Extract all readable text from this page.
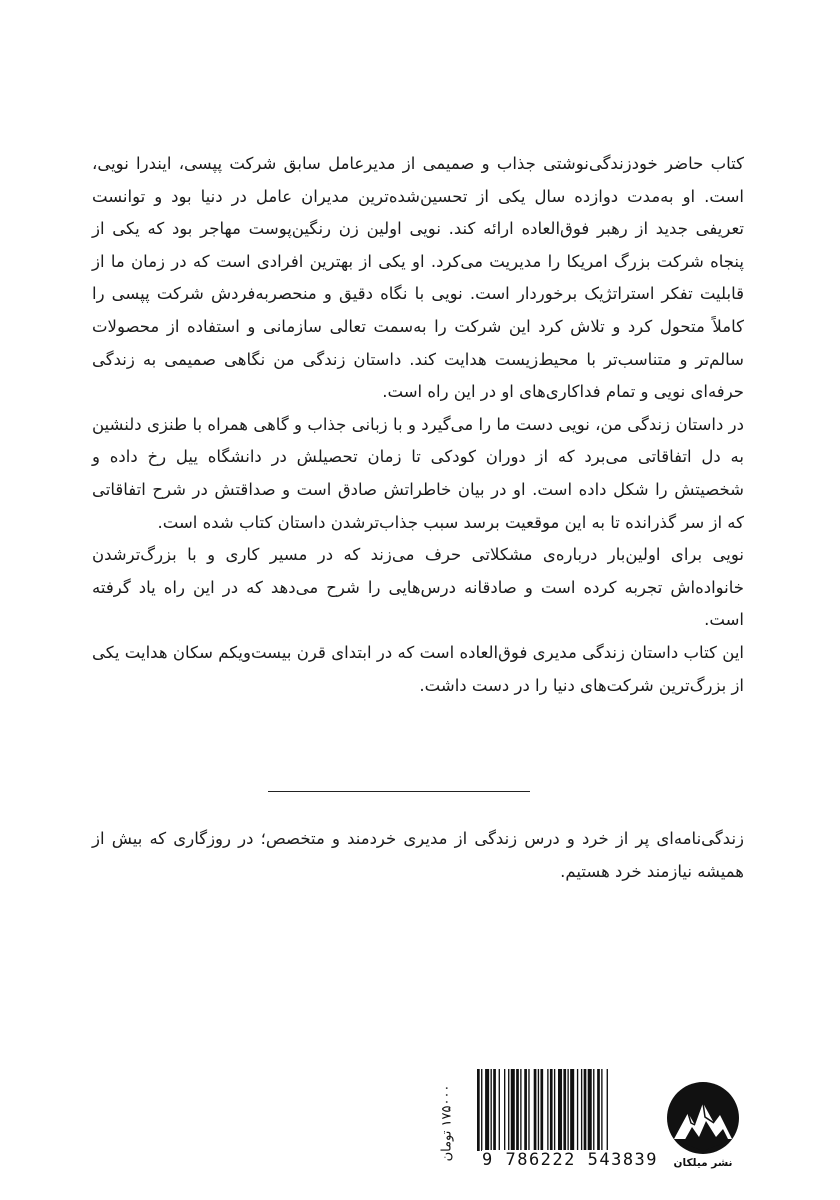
کتاب حاضر خودزندگی‌نوشتی جذاب و صمیمی از مدیرعامل سابق شرکت پپسی، ایندرا نویی، است. او به‌مدت دوازده سال یکی از تحسین‌شده‌ترین مدیران عامل در دنیا بود و توانست تعریفی جدید از رهبر فوق‌العاده ارائه کند. نویی اولین زن رنگین‌پوست مهاجر بود که یکی از پنجاه شرکت بزرگ امریکا را مدیریت می‌کرد. او یکی از بهترین افرادی است که در زمان ما از قابلیت تفکر استراتژیک برخوردار است. نویی با نگاه دقیق و منحصربه‌فردش شرکت پپسی را کاملاً متحول کرد و تلاش کرد این شرکت را به‌سمت تعالی سازمانی و استفاده از محصولات سالم‌تر و متناسب‌تر با محیط‌زیست هدایت کند. داستان زندگی من نگاهی صمیمی به زندگی حرفه‌ای نویی و تمام فداکاری‌های او در این راه است.

در داستان زندگی من، نویی دست ما را می‌گیرد و با زبانی جذاب و گاهی همراه با طنزی دلنشین به دل اتفاقاتی می‌برد که از دوران کودکی تا زمان تحصیلش در دانشگاه ییل رخ داده و شخصیتش را شکل داده است. او در بیان خاطراتش صادق است و صداقتش در شرح اتفاقاتی که از سر گذرانده تا به این موقعیت برسد سبب جذاب‌ترشدن داستان کتاب شده است.

نویی برای اولین‌بار درباره‌ی مشکلاتی حرف می‌زند که در مسیر کاری و با بزرگ‌ترشدن خانواده‌اش تجربه کرده است و صادقانه درس‌هایی را شرح می‌دهد که در این راه یاد گرفته است.

این کتاب داستان زندگی مدیری فوق‌العاده است که در ابتدای قرن بیست‌ویکم سکان هدایت یکی از بزرگ‌ترین شرکت‌های دنیا را در دست داشت.

زندگی‌نامه‌ای پر از خرد و درس زندگی از مدیری خردمند و متخصص؛ در روزگاری که بیش از همیشه نیازمند خرد هستیم.

۱۷۵۰۰۰ تومان
9 786222 543839	نشر میلکان
